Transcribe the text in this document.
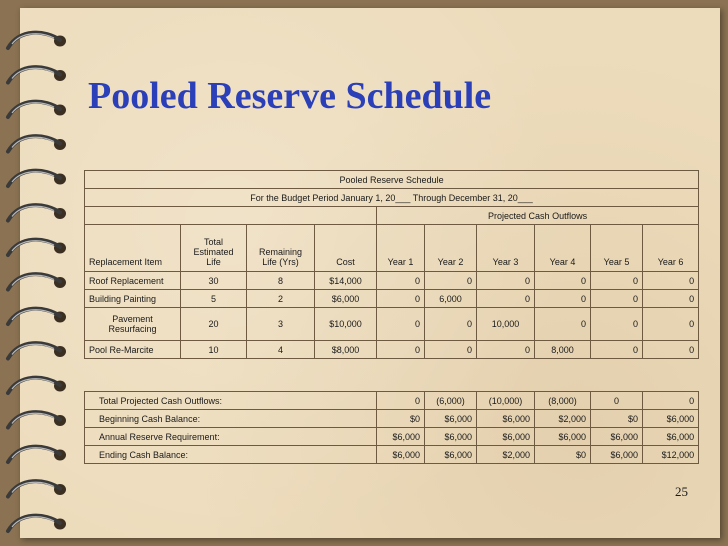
Pooled Reserve Schedule
Pooled Reserve Schedule									
For the Budget Period January 1, 20___ Through December 31, 20___									
				Projected Cash Outflows					
Replacement Item	Total Estimated Life	Remaining Life (Yrs)	Cost	Year 1	Year 2	Year 3	Year 4	Year 5	Year 6
Roof Replacement	30	8	$14,000	0	0	0	0	0	0
Building Painting	5	2	$6,000	0	6,000	0	0	0	0
Pavement Resurfacing	20	3	$10,000	0	0	10,000	0	0	0
Pool Re-Marcite	10	4	$8,000	0	0	0	8,000	0	0

Total Projected Cash Outflows:				0	(6,000)	(10,000)	(8,000)	0	0
Beginning Cash Balance:				$0	$6,000	$6,000	$2,000	$0	$6,000
Annual Reserve Requirement:				$6,000	$6,000	$6,000	$6,000	$6,000	$6,000
Ending Cash Balance:				$6,000	$6,000	$2,000	$0	$6,000	$12,000
25
